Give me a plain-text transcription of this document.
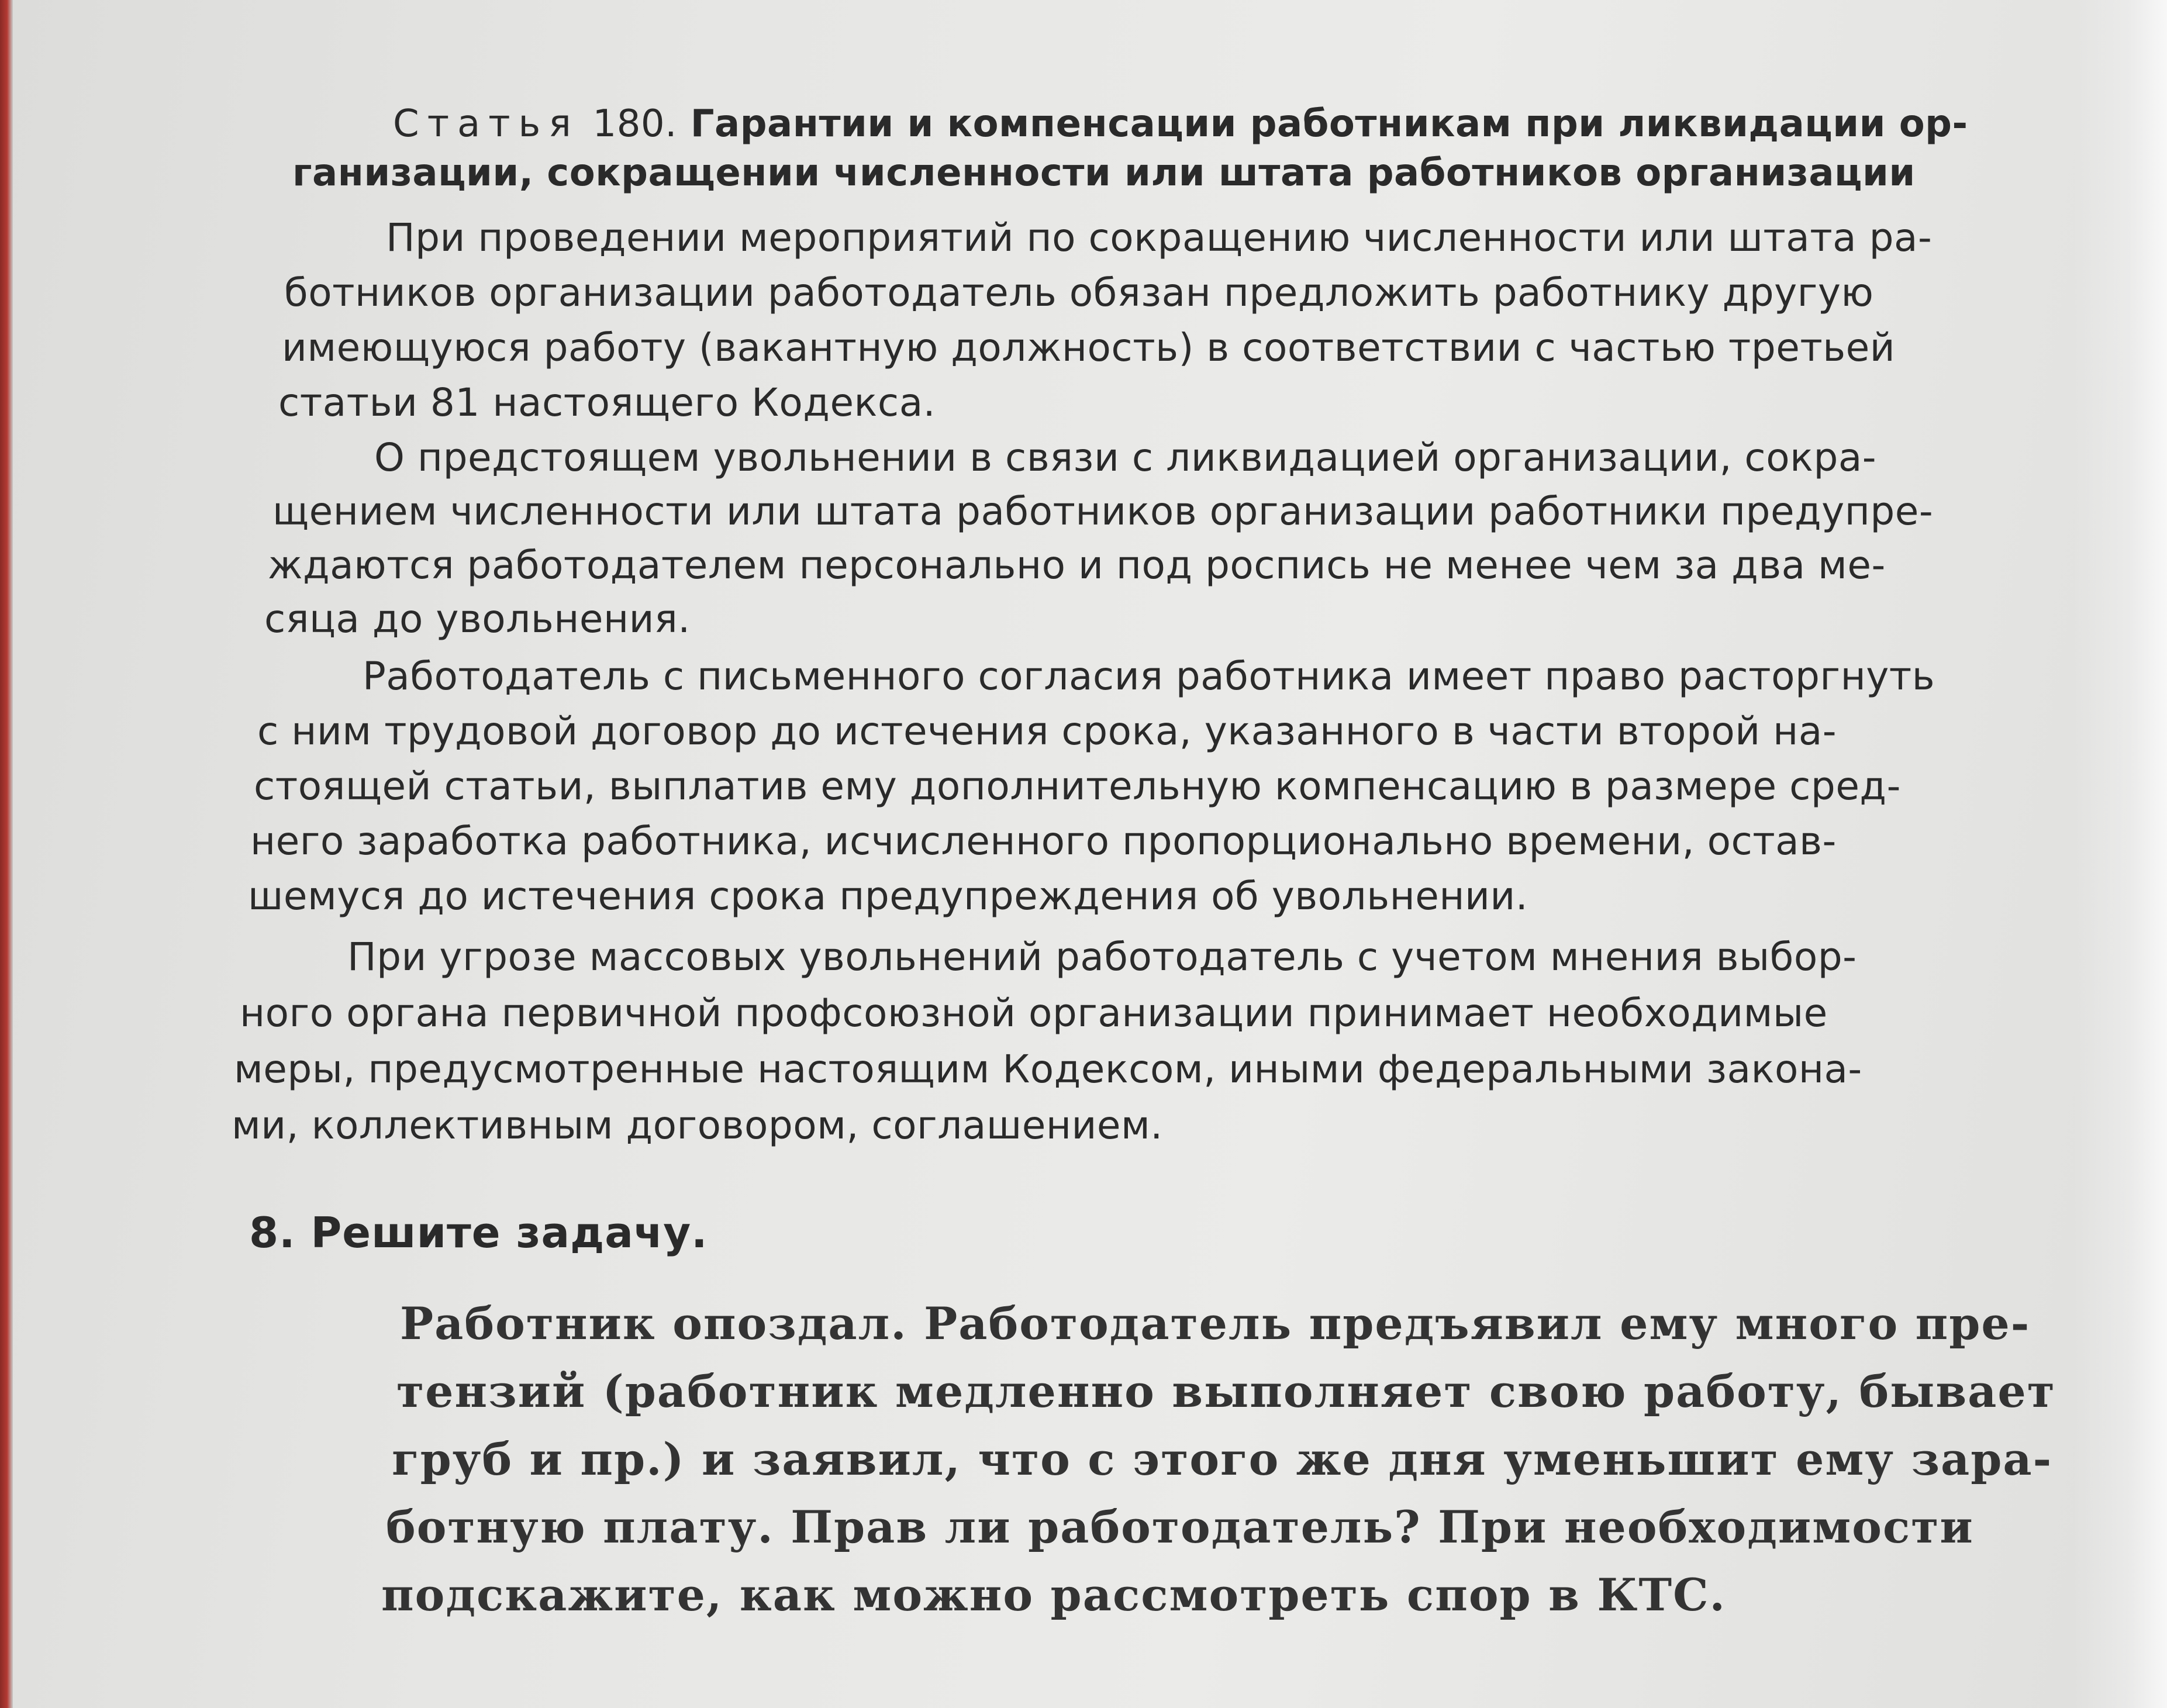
Статья 180. Гарантии и компенсации работникам при ликвидации ор-
ганизации, сокращении численности или штата работников организации
При проведении мероприятий по сокращению численности или штата ра-
ботников организации работодатель обязан предложить работнику другую
имеющуюся работу (вакантную должность) в соответствии с частью третьей
статьи 81 настоящего Кодекса.
О предстоящем увольнении в связи с ликвидацией организации, сокра-
щением численности или штата работников организации работники предупре-
ждаются работодателем персонально и под роспись не менее чем за два ме-
сяца до увольнения.
Работодатель с письменного согласия работника имеет право расторгнуть
с ним трудовой договор до истечения срока, указанного в части второй на-
стоящей статьи, выплатив ему дополнительную компенсацию в размере сред-
него заработка работника, исчисленного пропорционально времени, остав-
шемуся до истечения срока предупреждения об увольнении.
При угрозе массовых увольнений работодатель с учетом мнения выбор-
ного органа первичной профсоюзной организации принимает необходимые
меры, предусмотренные настоящим Кодексом, иными федеральными закона-
ми, коллективным договором, соглашением.
8. Решите задачу.
Работник опоздал. Работодатель предъявил ему много пре-
тензий (работник медленно выполняет свою работу, бывает
груб и пр.) и заявил, что с этого же дня уменьшит ему зара-
ботную плату. Прав ли работодатель? При необходимости
подскажите, как можно рассмотреть спор в КТС.
